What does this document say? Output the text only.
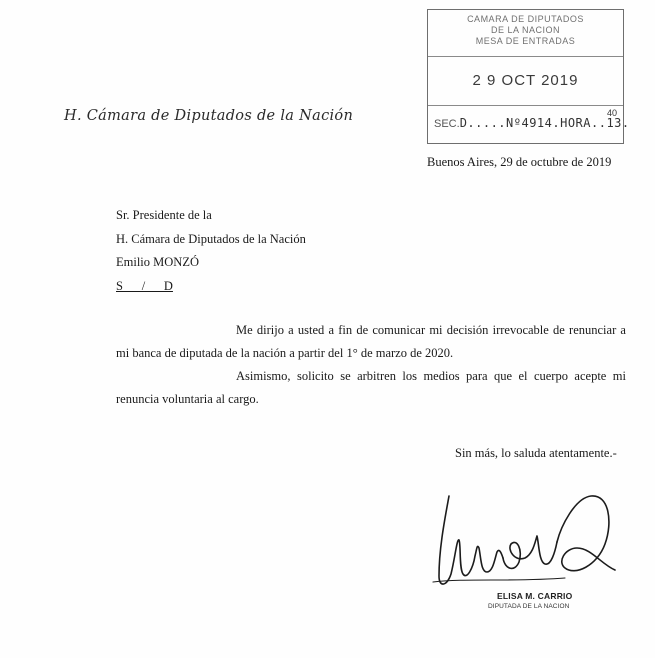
CAMARA DE DIPUTADOS
DE LA NACION
MESA DE ENTRADAS
2 9 OCT 2019
SEC.D.....Nº4914.HORA..13.
40
H. Cámara de Diputados de la Nación
Buenos Aires, 29 de octubre de 2019
Sr. Presidente de la
H. Cámara de Diputados de la Nación
Emilio MONZÓ
S      /      D
Me dirijo a usted a fin de comunicar mi decisión irrevocable de renunciar a mi banca de diputada de la nación a partir del 1° de marzo de 2020.
Asimismo, solicito se arbitren los medios para que el cuerpo acepte mi renuncia voluntaria al cargo.
Sin más, lo saluda atentamente.-
ELISA M. CARRIO
DIPUTADA DE LA NACION
